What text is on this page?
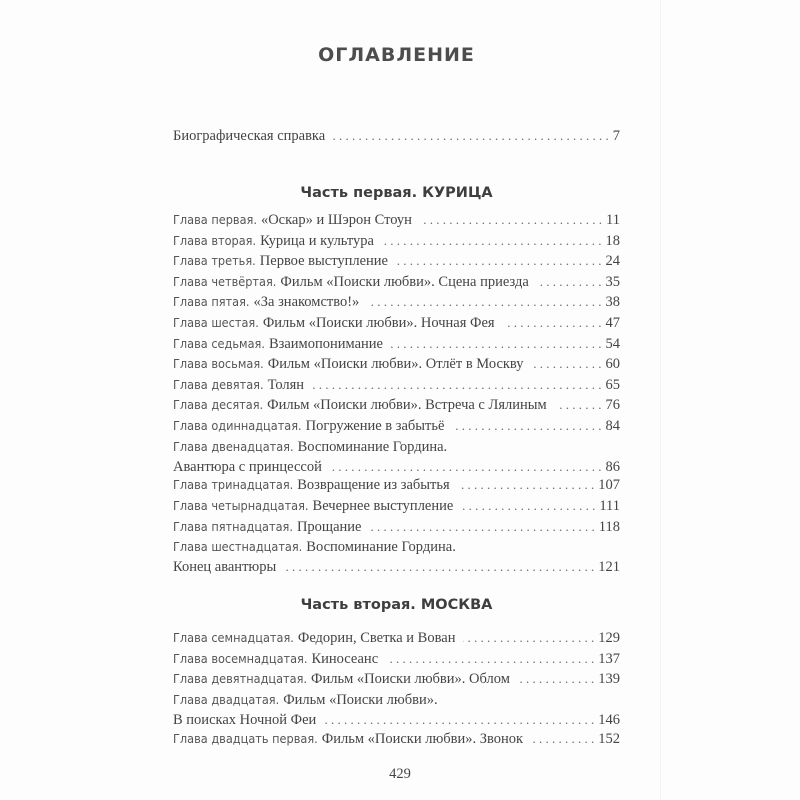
ОГЛАВЛЕНИЕ
Биографическая справка . . .	7
Часть первая. КУРИЦА
Глава первая. «Оскар» и Шэрон Стоун . . .	11
Глава вторая. Курица и культура . . .	18
Глава третья. Первое выступление . . .	24
Глава четвёртая. Фильм «Поиски любви». Сцена приезда . . .	35
Глава пятая. «За знакомство!» . . .	38
Глава шестая. Фильм «Поиски любви». Ночная Фея . . .	47
Глава седьмая. Взаимопонимание . . .	54
Глава восьмая. Фильм «Поиски любви». Отлёт в Москву . . .	60
Глава девятая. Толян . . .	65
Глава десятая. Фильм «Поиски любви». Встреча с Лялиным . . .	76
Глава одиннадцатая. Погружение в забытьё . . .	84
Глава двенадцатая. Воспоминание Гордина.
Авантюра с принцессой . . .	86
Глава тринадцатая. Возвращение из забытья . . .	107
Глава четырнадцатая. Вечернее выступление . . .	111
Глава пятнадцатая. Прощание . . .	118
Глава шестнадцатая. Воспоминание Гордина.
Конец авантюры . . .	121
Часть вторая. МОСКВА
Глава семнадцатая. Федорин, Светка и Вован . . .	129
Глава восемнадцатая. Киносеанс . . .	137
Глава девятнадцатая. Фильм «Поиски любви». Облом . . .	139
Глава двадцатая. Фильм «Поиски любви».
В поисках Ночной Феи . . .	146
Глава двадцать первая. Фильм «Поиски любви». Звонок . . .	152
429
